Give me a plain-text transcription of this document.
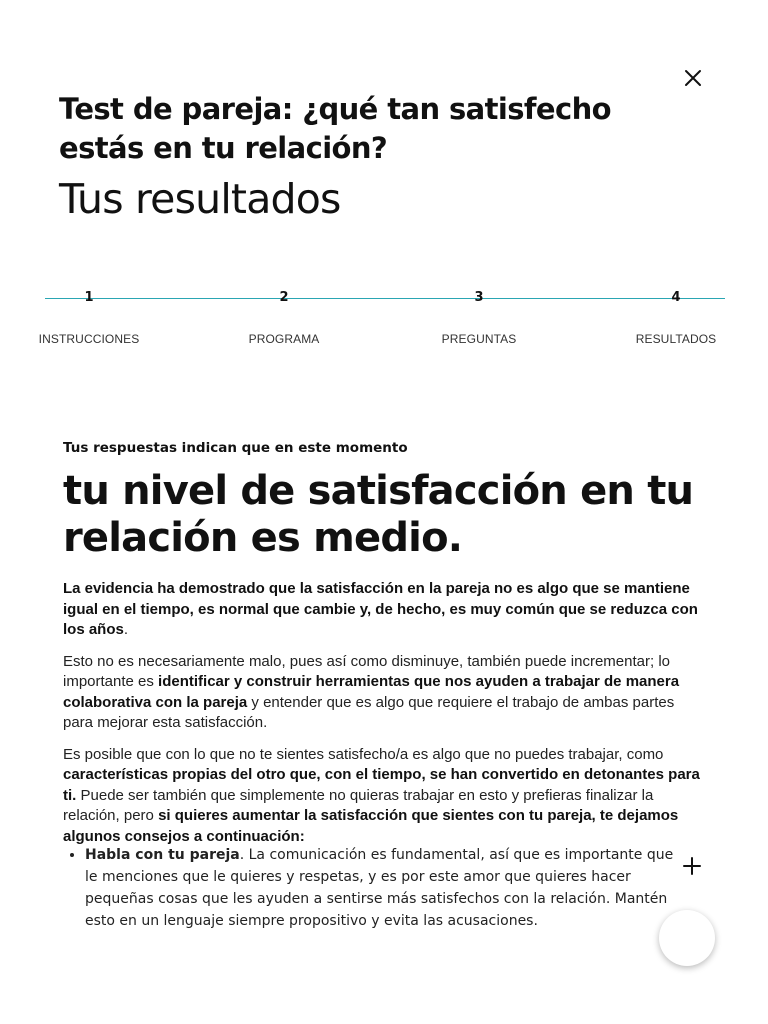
Test de pareja: ¿qué tan satisfecho estás en tu relación?
Tus resultados
1
INSTRUCCIONES
2
PROGRAMA
3
PREGUNTAS
4
RESULTADOS

Tus respuestas indican que en este momento

tu nivel de satisfacción en tu relación es medio.

La evidencia ha demostrado que la satisfacción en la pareja no es algo que se mantiene igual en el tiempo, es normal que cambie y, de hecho, es muy común que se reduzca con los años.

Esto no es necesariamente malo, pues así como disminuye, también puede incrementar; lo importante es identificar y construir herramientas que nos ayuden a trabajar de manera colaborativa con la pareja y entender que es algo que requiere el trabajo de ambas partes para mejorar esta satisfacción.

Es posible que con lo que no te sientes satisfecho/a es algo que no puedes trabajar, como características propias del otro que, con el tiempo, se han convertido en detonantes para ti. Puede ser también que simplemente no quieras trabajar en esto y prefieras finalizar la relación, pero si quieres aumentar la satisfacción que sientes con tu pareja, te dejamos algunos consejos a continuación:

• Habla con tu pareja. La comunicación es fundamental, así que es importante que le menciones que le quieres y respetas, y es por este amor que quieres hacer pequeñas cosas que les ayuden a sentirse más satisfechos con la relación. Mantén esto en un lenguaje siempre propositivo y evita las acusaciones.
